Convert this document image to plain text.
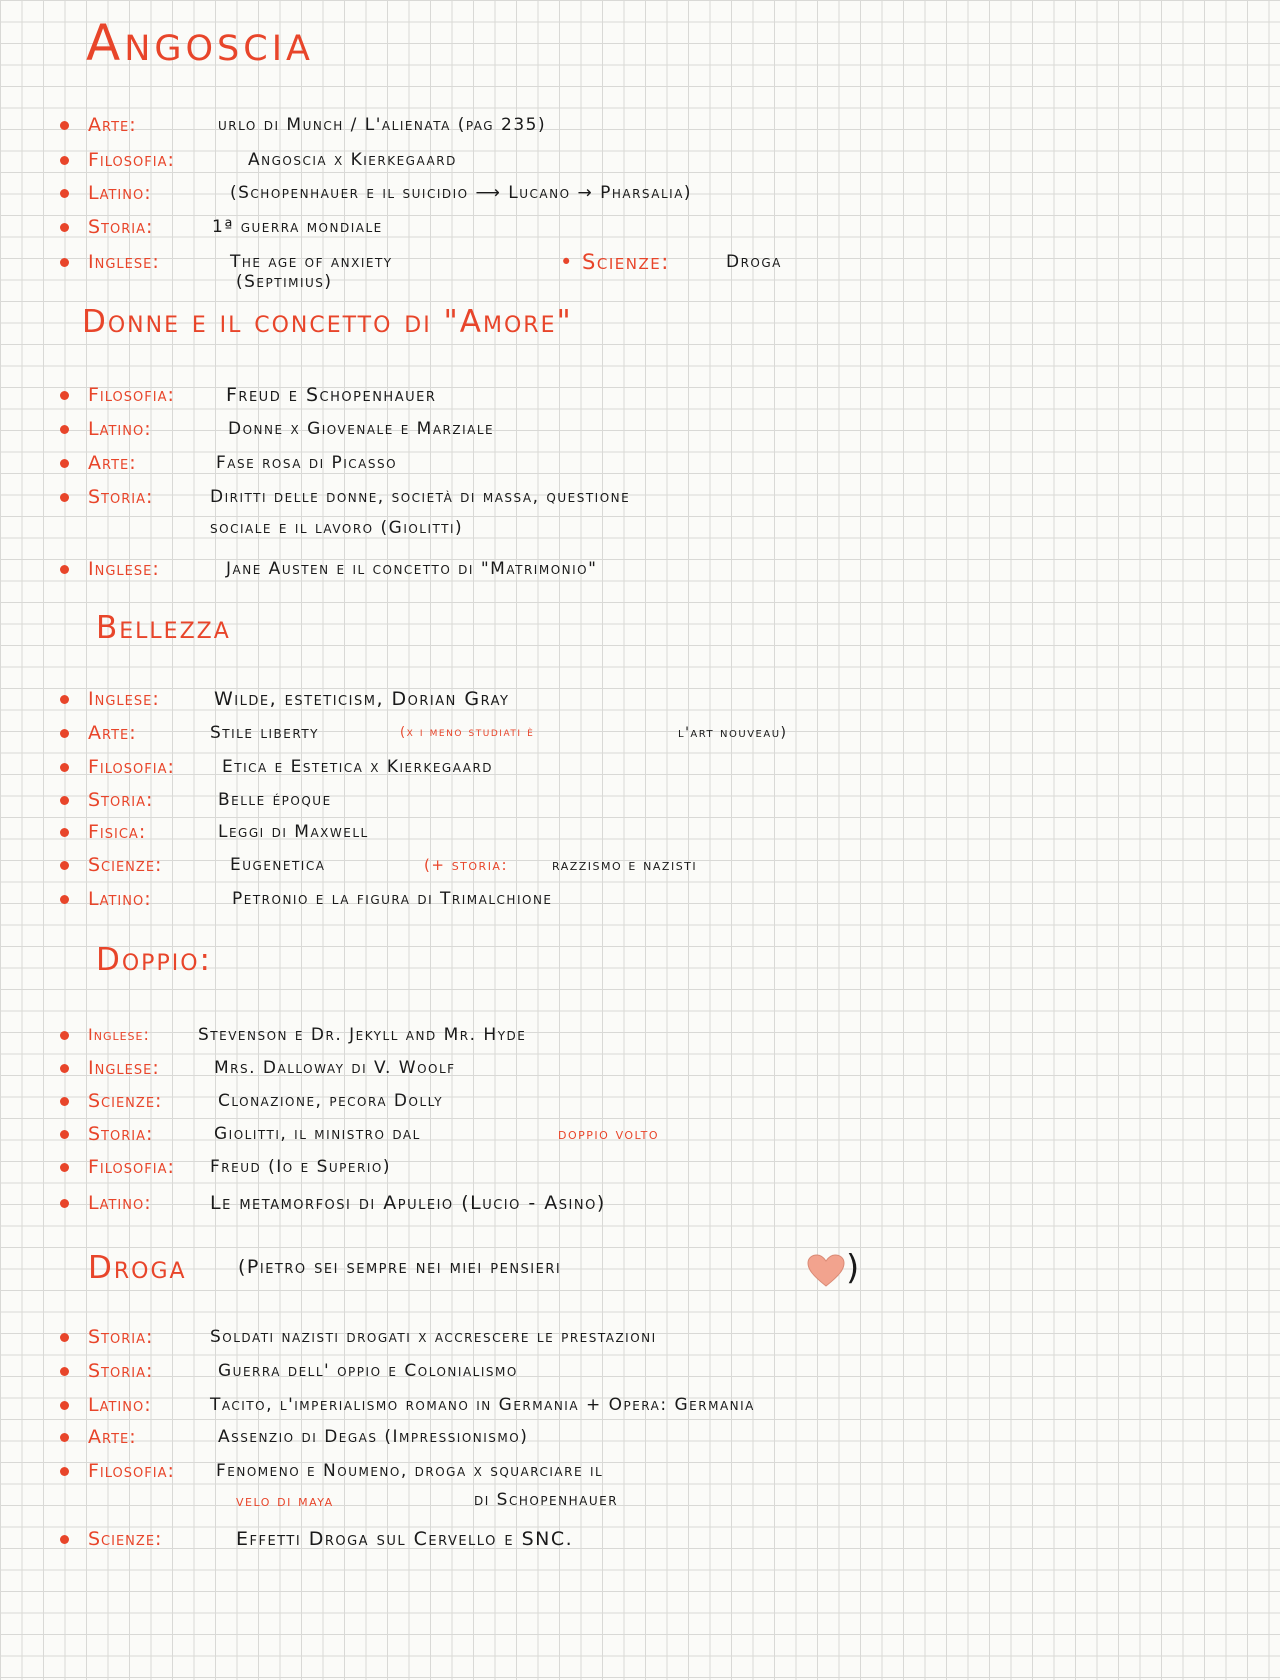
Angoscia
Arte:	urlo di Munch / L'alienata (pag 235)
Filosofia:	Angoscia x Kierkegaard
Latino:	(Schopenhauer e il suicidio ⟶ Lucano → Pharsalia)
Storia:	1ª guerra mondiale
Inglese:	The age of anxiety	• Scienze:	Droga
(Septimius)
Donne e il concetto di "Amore"
Filosofia:	Freud e Schopenhauer
Latino:	Donne x Giovenale e Marziale
Arte:	Fase rosa di Picasso
Storia:	Diritti delle donne, società di massa, questione
sociale e il lavoro (Giolitti)
Inglese:	Jane Austen e il concetto di "Matrimonio"
Bellezza
Inglese:	Wilde, esteticism, Dorian Gray
Arte:	Stile liberty	(x i meno studiati è	l'art nouveau)
Filosofia:	Etica e Estetica x Kierkegaard
Storia:	Belle époque
Fisica:	Leggi di Maxwell
Scienze:	Eugenetica	(+ storia:	razzismo e nazisti
Latino:	Petronio e la figura di Trimalchione
Doppio:
Inglese:	Stevenson e Dr. Jekyll and Mr. Hyde
Inglese:	Mrs. Dalloway di V. Woolf
Scienze:	Clonazione, pecora Dolly
Storia:	Giolitti, il ministro dal	doppio volto
Filosofia: Freud (Io e Superio)
Latino:	Le metamorfosi di Apuleio (Lucio - Asino)
Droga	(Pietro sei sempre nei miei pensieri	)
Storia:	Soldati nazisti drogati x accrescere le prestazioni
Storia:	Guerra dell' oppio e Colonialismo
Latino:	Tacito, l'imperialismo romano in Germania + Opera: Germania
Arte:	Assenzio di Degas (Impressionismo)
Filosofia: Fenomeno e Noumeno, droga x squarciare il
velo di maya	di Schopenhauer
Scienze:	Effetti Droga sul Cervello e SNC.
